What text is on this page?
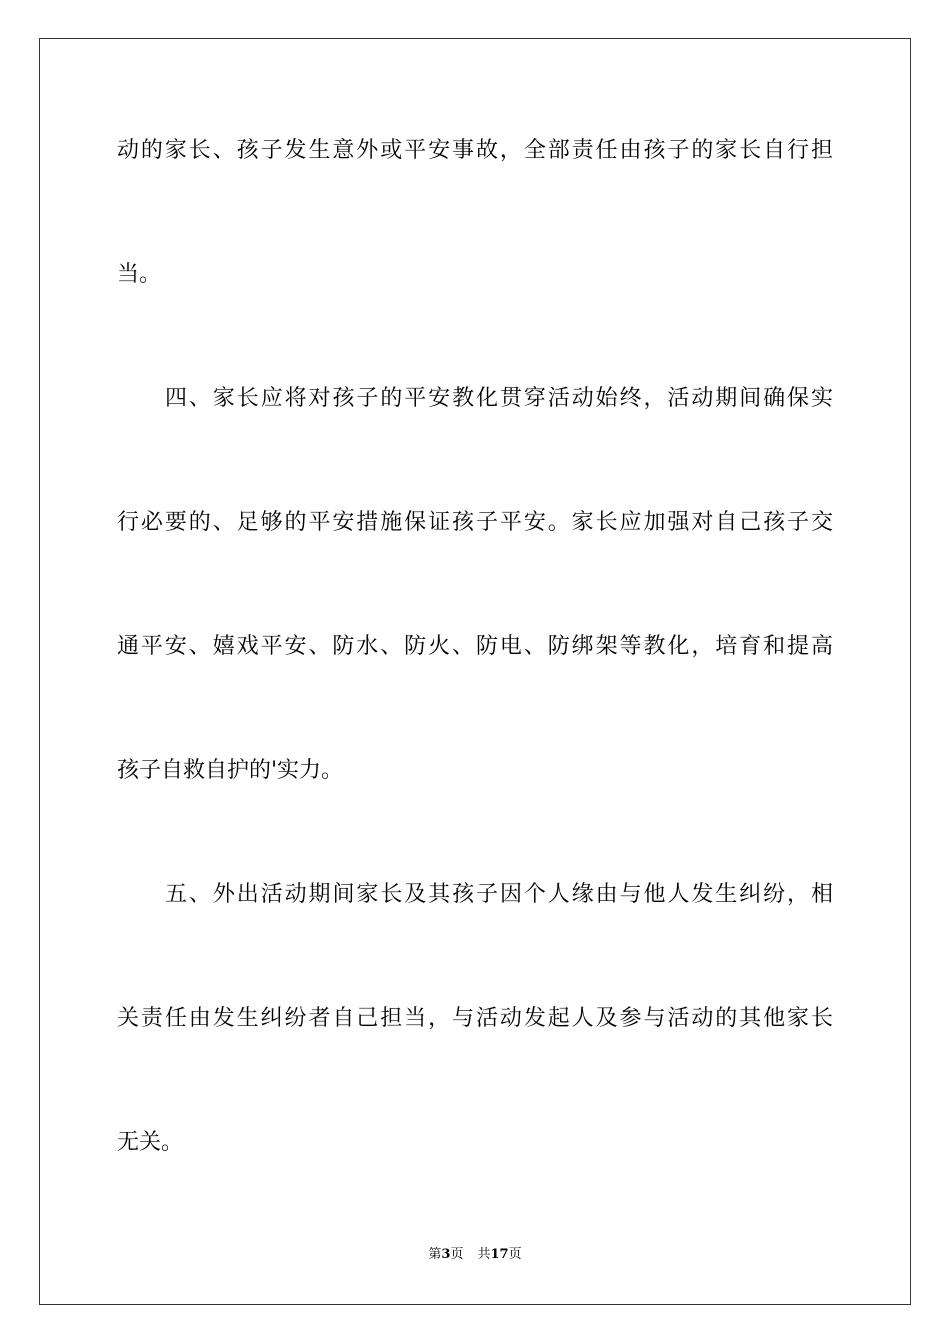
动的家长、孩子发生意外或平安事故，全部责任由孩子的家长自行担
当。
四、家长应将对孩子的平安教化贯穿活动始终，活动期间确保实
行必要的、足够的平安措施保证孩子平安。家长应加强对自己孩子交
通平安、嬉戏平安、防水、防火、防电、防绑架等教化，培育和提高
孩子自救自护的'实力。
五、外出活动期间家长及其孩子因个人缘由与他人发生纠纷，相
关责任由发生纠纷者自己担当，与活动发起人及参与活动的其他家长
无关。
第3页 共17页
